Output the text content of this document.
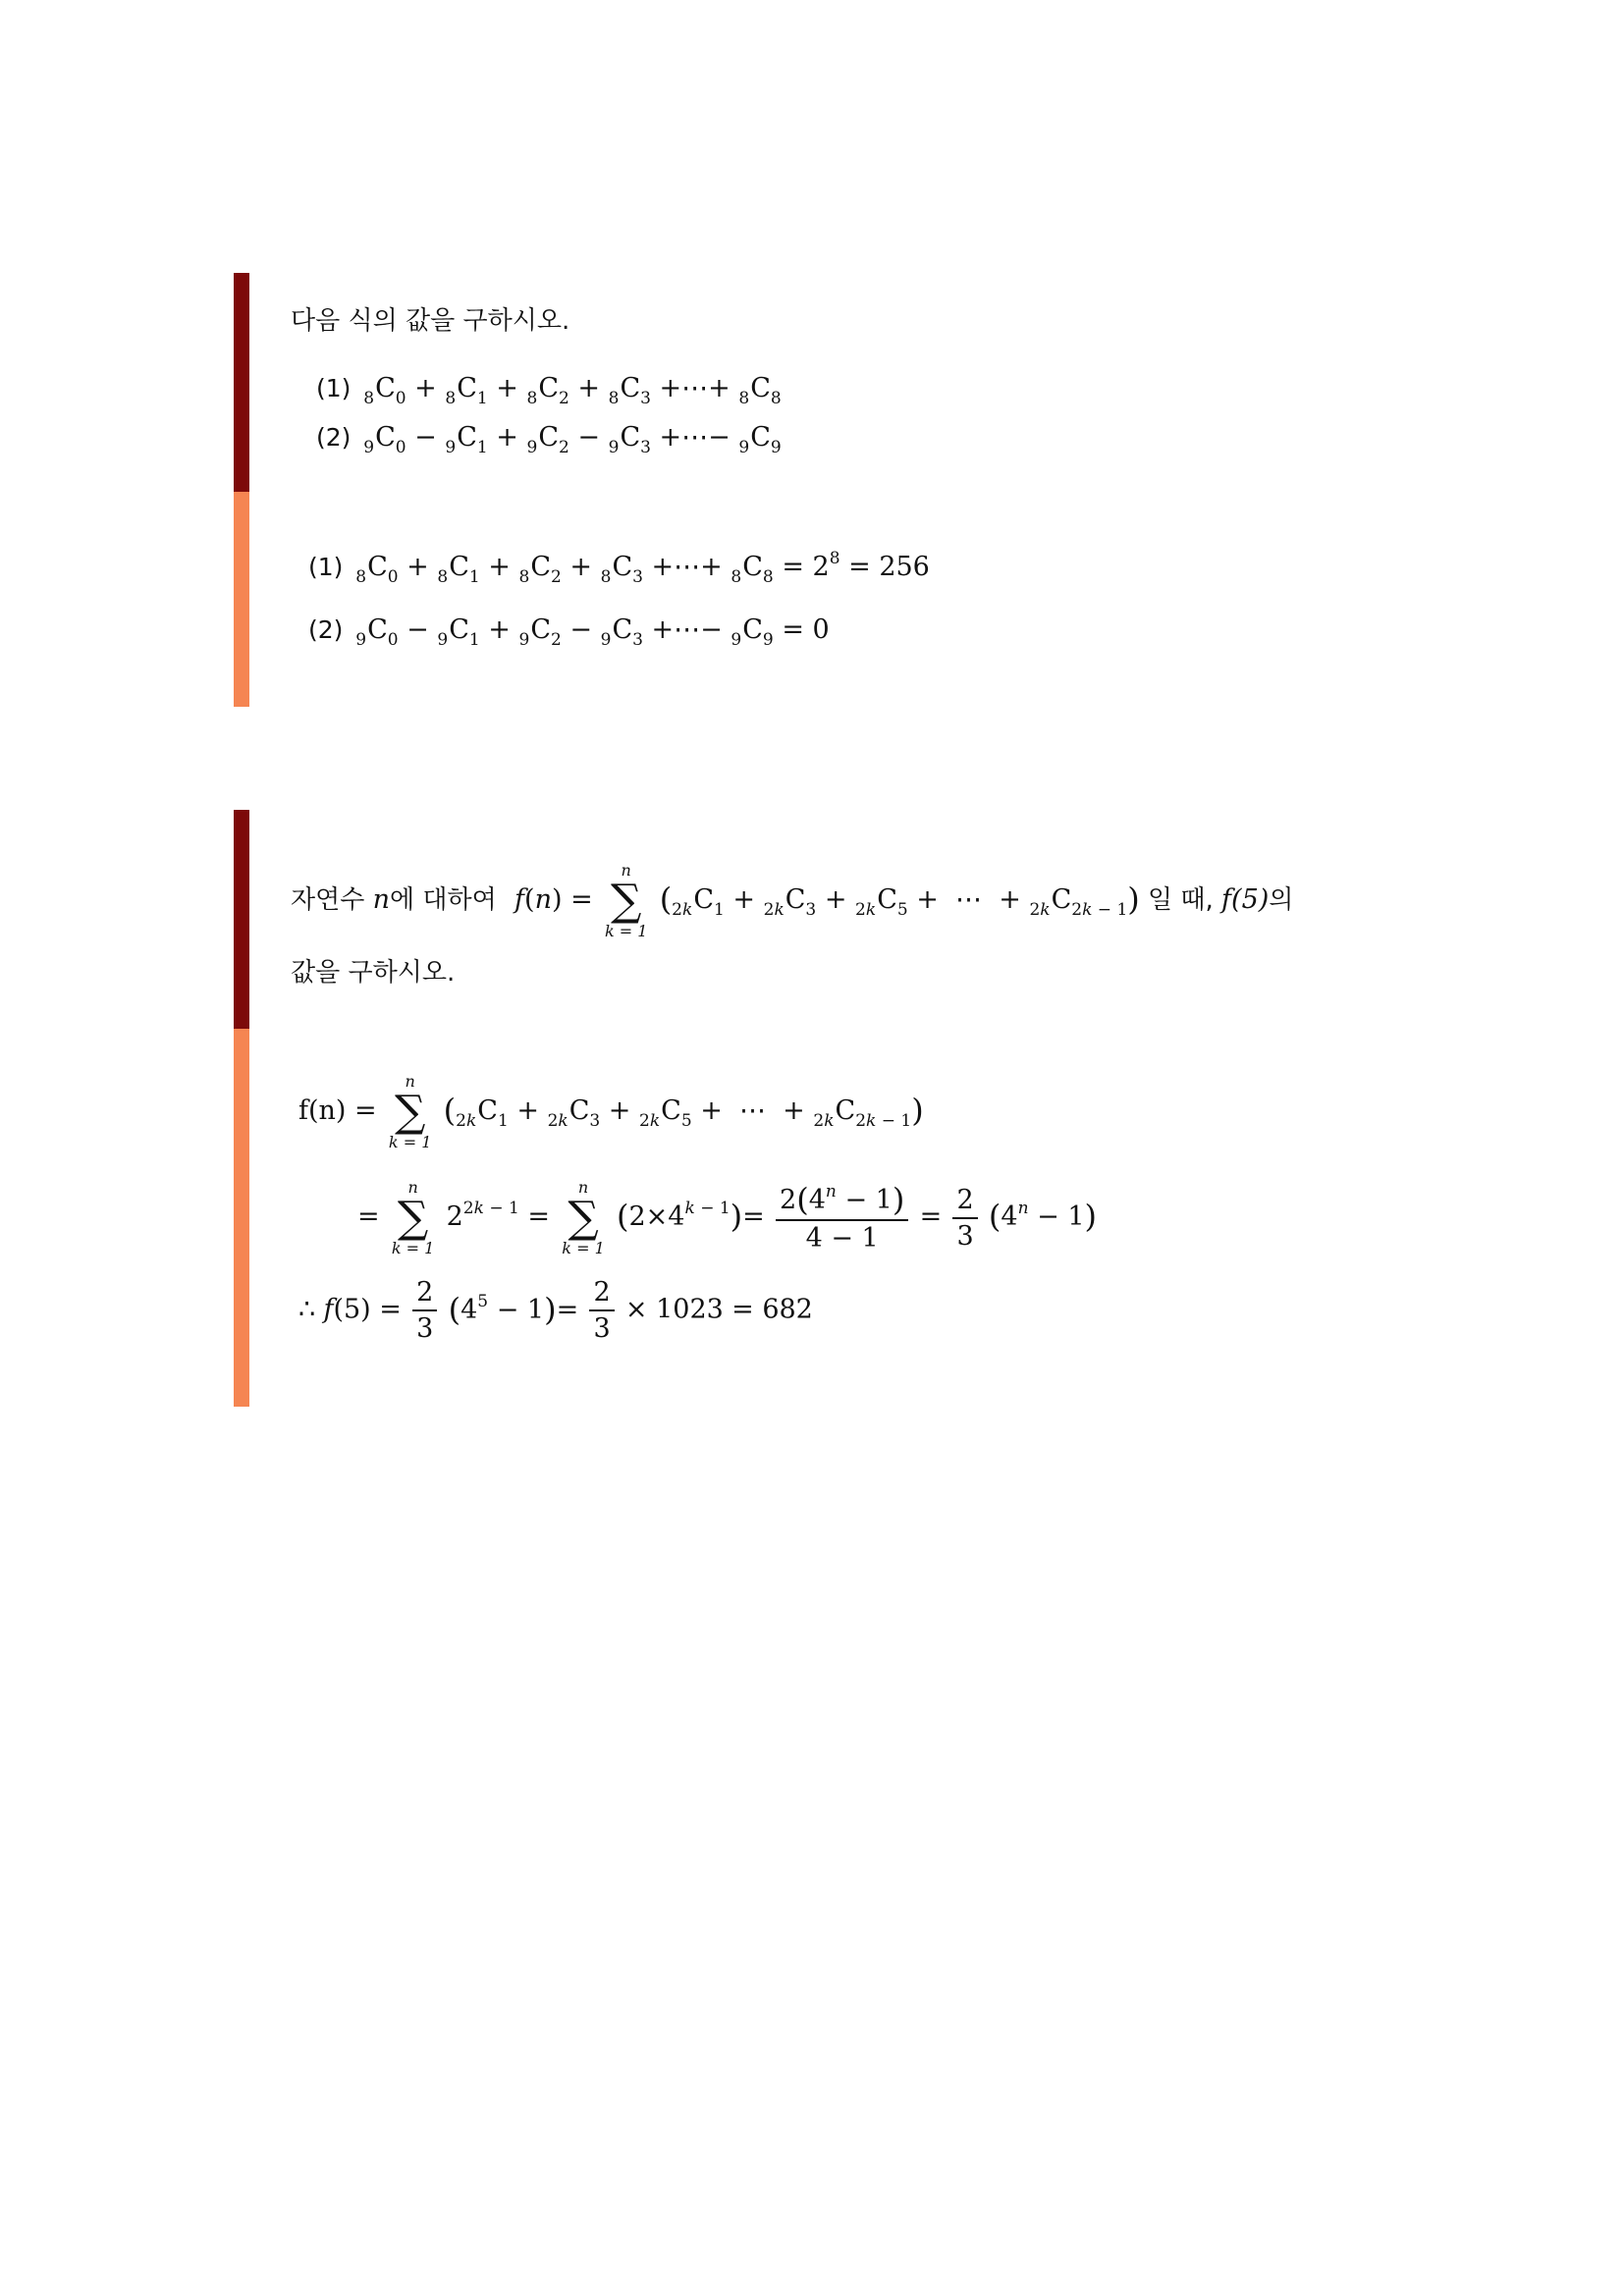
다음 식의 값을 구하시오.
(1) $_8C_0 + _8C_1 + _8C_2 + _8C_3$ +⋯+ $_8C_8$
(2) $_9C_0 - _9C_1 + _9C_2 - _9C_3$ +⋯− $_9C_9$
(1) $_8C_0 + _8C_1 + _8C_2 + _8C_3$ +⋯+ $_8C_8 = 2^8 = 256$
(2) $_9C_0 - _9C_1 + _9C_2 - _9C_3$ +⋯− $_9C_9 = 0$
자연수 n에 대하여 f(n) =
n
∑
k = 1
($_{2k}C_1 + _{2k}C_3 + _{2k}C_5$ +  ⋯  + $_{2k}C_{2k - 1}$) 일 때, f(5)의
값을 구하시오.
f(n) =
n
∑
k = 1
($_{2k}C_1 + _{2k}C_3 + _{2k}C_5$ +  ⋯  + $_{2k}C_{2k - 1}$)
=
n
∑
k = 1
$2^{2k - 1}$ =
n
∑
k = 1
$(2\times 4^{k - 1})= \frac{2(4^n - 1)}{4 - 1} = \frac{2}{3} (4^n - 1)$
∴ $f(5) = \frac{2}{3} (4^5 - 1)= \frac{2}{3} \times 1023 = 682$
